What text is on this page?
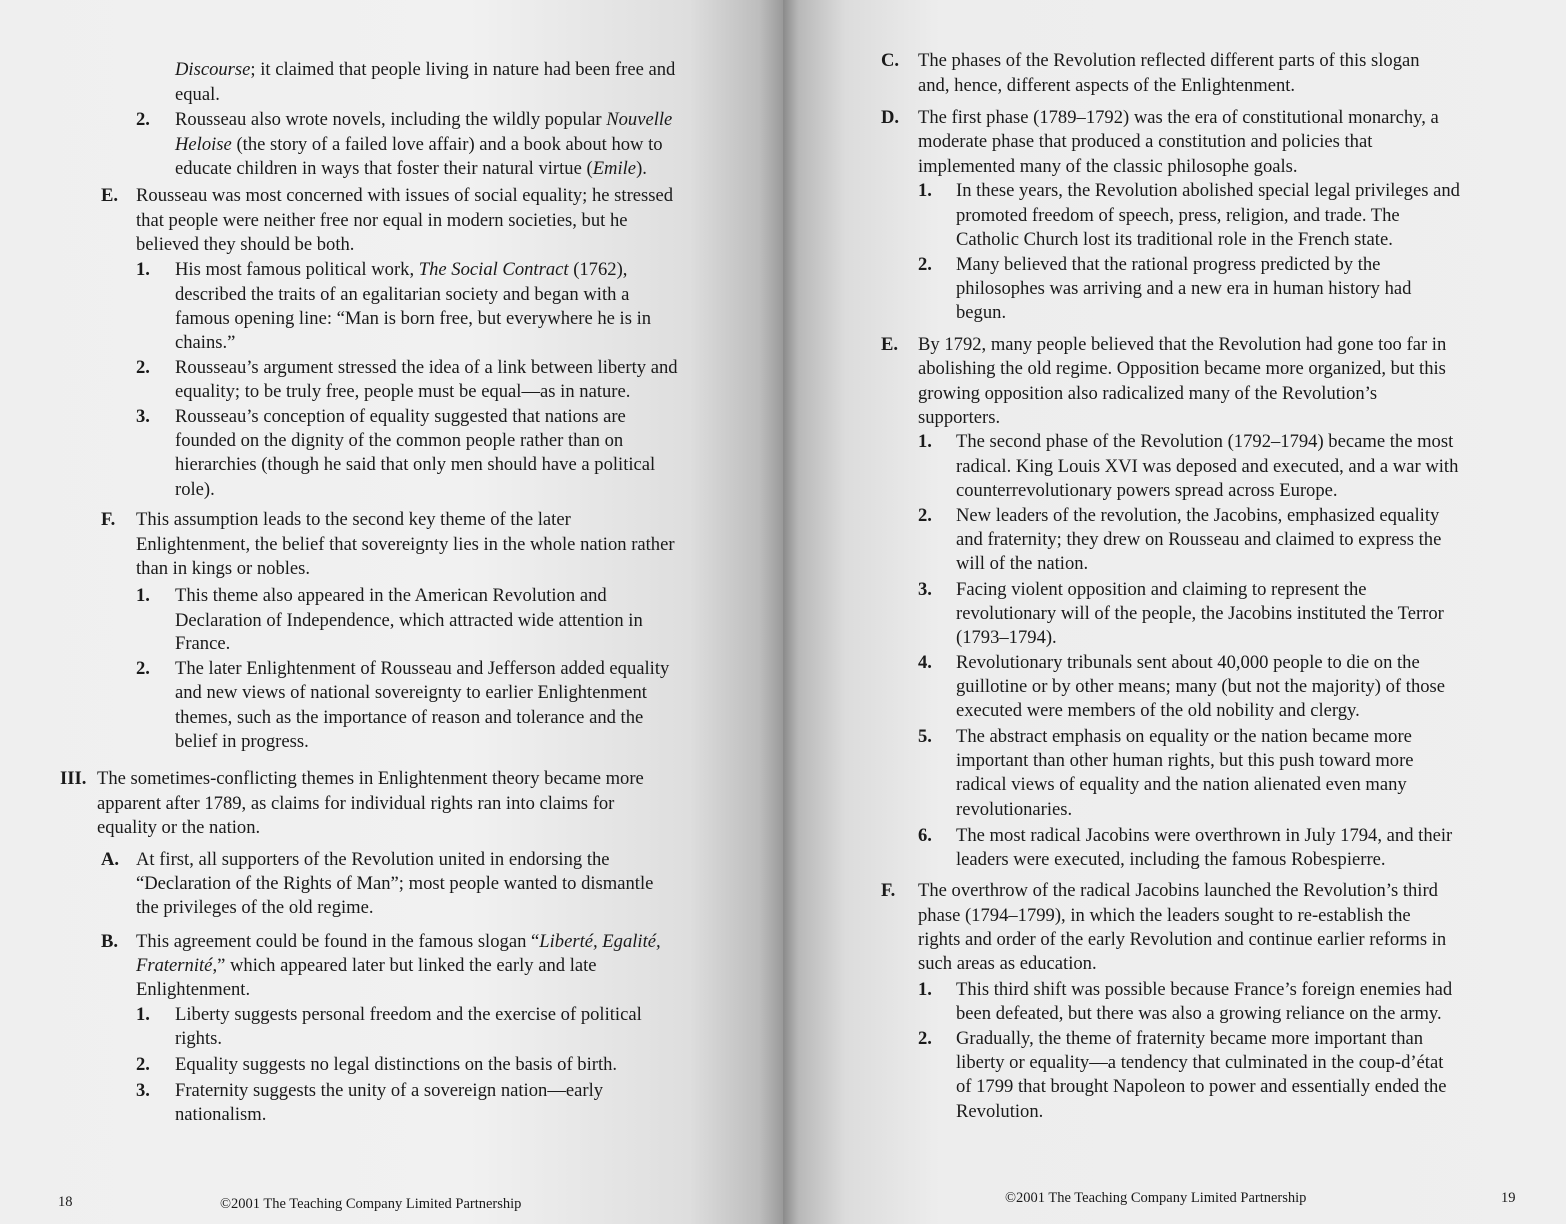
Discourse; it claimed that people living in nature had been free and
equal.
2. Rousseau also wrote novels, including the wildly popular Nouvelle
Heloise (the story of a failed love affair) and a book about how to
educate children in ways that foster their natural virtue (Emile).
E. Rousseau was most concerned with issues of social equality; he stressed
that people were neither free nor equal in modern societies, but he
believed they should be both.
1. His most famous political work, The Social Contract (1762),
described the traits of an egalitarian society and began with a
famous opening line: “Man is born free, but everywhere he is in
chains.”
2. Rousseau’s argument stressed the idea of a link between liberty and
equality; to be truly free, people must be equal—as in nature.
3. Rousseau’s conception of equality suggested that nations are
founded on the dignity of the common people rather than on
hierarchies (though he said that only men should have a political
role).
F. This assumption leads to the second key theme of the later
Enlightenment, the belief that sovereignty lies in the whole nation rather
than in kings or nobles.
1. This theme also appeared in the American Revolution and
Declaration of Independence, which attracted wide attention in
France.
2. The later Enlightenment of Rousseau and Jefferson added equality
and new views of national sovereignty to earlier Enlightenment
themes, such as the importance of reason and tolerance and the
belief in progress.
III. The sometimes-conflicting themes in Enlightenment theory became more
apparent after 1789, as claims for individual rights ran into claims for
equality or the nation.
A. At first, all supporters of the Revolution united in endorsing the
“Declaration of the Rights of Man”; most people wanted to dismantle
the privileges of the old regime.
B. This agreement could be found in the famous slogan “Liberté, Egalité,
Fraternité,” which appeared later but linked the early and late
Enlightenment.
1. Liberty suggests personal freedom and the exercise of political
rights.
2. Equality suggests no legal distinctions on the basis of birth.
3. Fraternity suggests the unity of a sovereign nation—early
nationalism.
18	©2001 The Teaching Company Limited Partnership
C. The phases of the Revolution reflected different parts of this slogan
and, hence, different aspects of the Enlightenment.
D. The first phase (1789–1792) was the era of constitutional monarchy, a
moderate phase that produced a constitution and policies that
implemented many of the classic philosophe goals.
1. In these years, the Revolution abolished special legal privileges and
promoted freedom of speech, press, religion, and trade. The
Catholic Church lost its traditional role in the French state.
2. Many believed that the rational progress predicted by the
philosophes was arriving and a new era in human history had
begun.
E. By 1792, many people believed that the Revolution had gone too far in
abolishing the old regime. Opposition became more organized, but this
growing opposition also radicalized many of the Revolution’s
supporters.
1. The second phase of the Revolution (1792–1794) became the most
radical. King Louis XVI was deposed and executed, and a war with
counterrevolutionary powers spread across Europe.
2. New leaders of the revolution, the Jacobins, emphasized equality
and fraternity; they drew on Rousseau and claimed to express the
will of the nation.
3. Facing violent opposition and claiming to represent the
revolutionary will of the people, the Jacobins instituted the Terror
(1793–1794).
4. Revolutionary tribunals sent about 40,000 people to die on the
guillotine or by other means; many (but not the majority) of those
executed were members of the old nobility and clergy.
5. The abstract emphasis on equality or the nation became more
important than other human rights, but this push toward more
radical views of equality and the nation alienated even many
revolutionaries.
6. The most radical Jacobins were overthrown in July 1794, and their
leaders were executed, including the famous Robespierre.
F. The overthrow of the radical Jacobins launched the Revolution’s third
phase (1794–1799), in which the leaders sought to re-establish the
rights and order of the early Revolution and continue earlier reforms in
such areas as education.
1. This third shift was possible because France’s foreign enemies had
been defeated, but there was also a growing reliance on the army.
2. Gradually, the theme of fraternity became more important than
liberty or equality—a tendency that culminated in the coup-d’état
of 1799 that brought Napoleon to power and essentially ended the
Revolution.
©2001 The Teaching Company Limited Partnership	19
